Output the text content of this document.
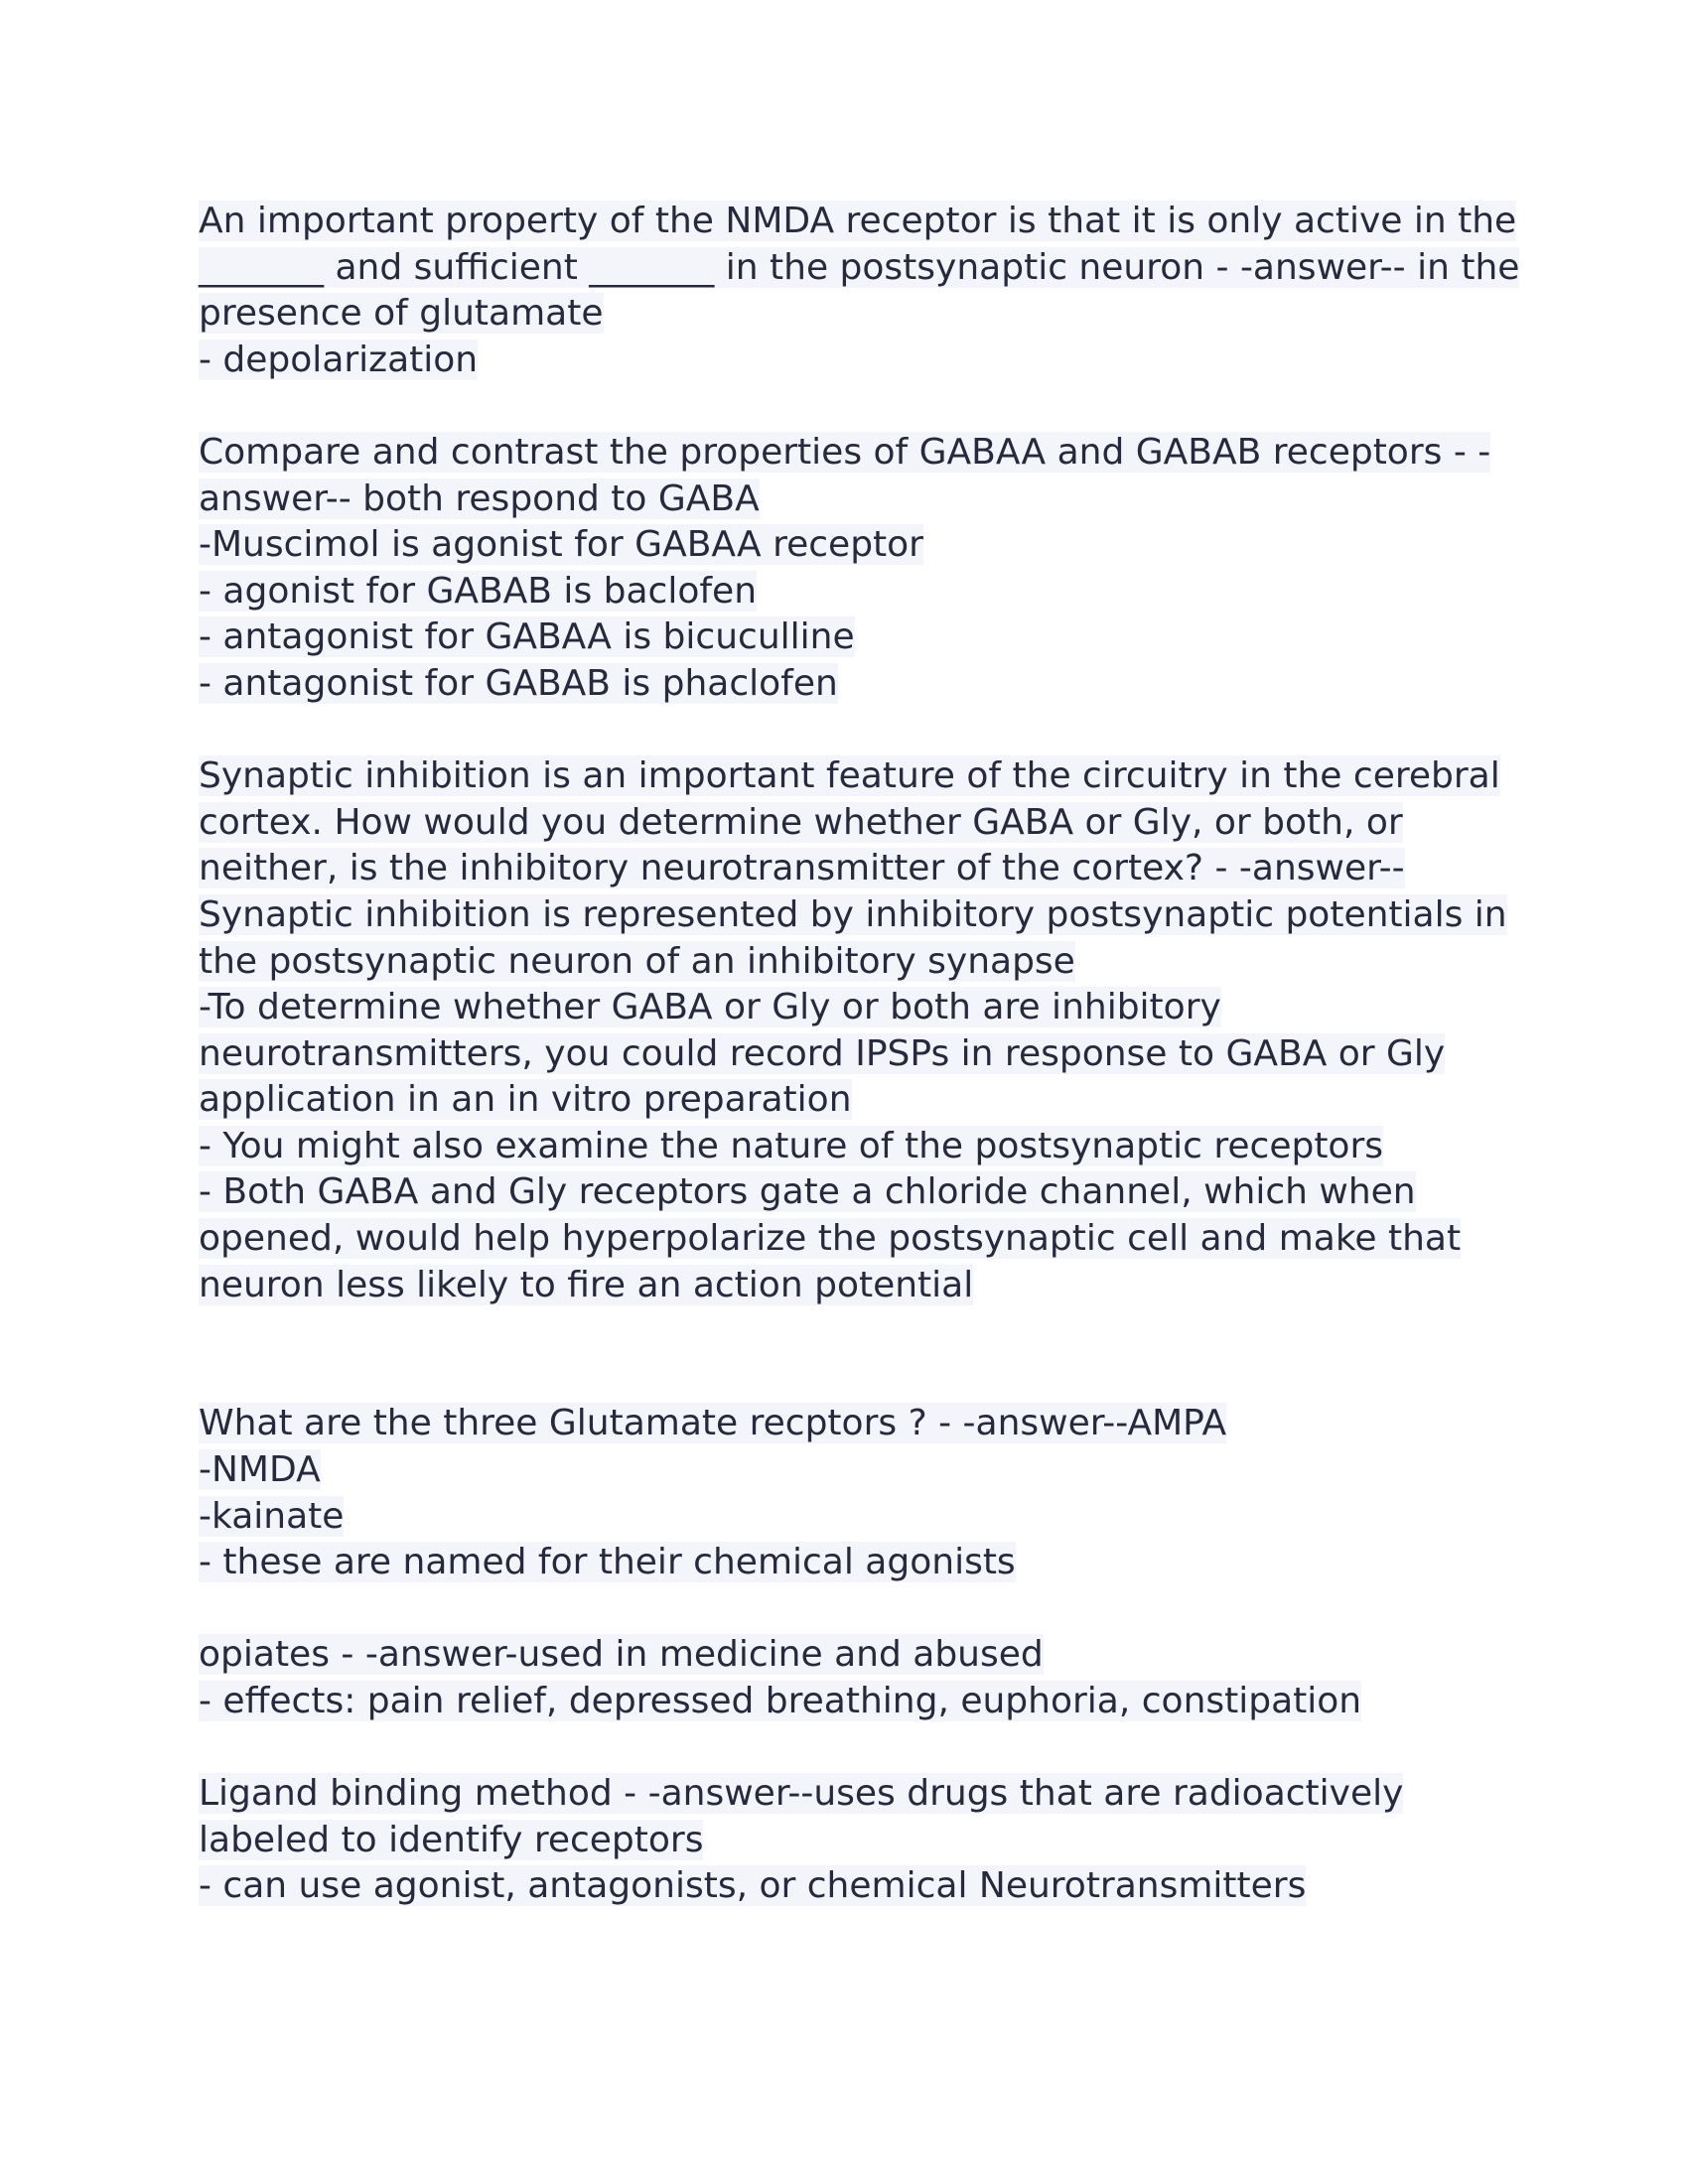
An important property of the NMDA receptor is that it is only active in the
_______ and sufficient _______ in the postsynaptic neuron - -answer-- in the
presence of glutamate
- depolarization
Compare and contrast the properties of GABAA and GABAB receptors - -
answer-- both respond to GABA
-Muscimol is agonist for GABAA receptor
- agonist for GABAB is baclofen
- antagonist for GABAA is bicuculline
- antagonist for GABAB is phaclofen
Synaptic inhibition is an important feature of the circuitry in the cerebral
cortex. How would you determine whether GABA or Gly, or both, or
neither, is the inhibitory neurotransmitter of the cortex? - -answer--
Synaptic inhibition is represented by inhibitory postsynaptic potentials in
the postsynaptic neuron of an inhibitory synapse
-To determine whether GABA or Gly or both are inhibitory
neurotransmitters, you could record IPSPs in response to GABA or Gly
application in an in vitro preparation
- You might also examine the nature of the postsynaptic receptors
- Both GABA and Gly receptors gate a chloride channel, which when
opened, would help hyperpolarize the postsynaptic cell and make that
neuron less likely to fire an action potential
What are the three Glutamate recptors ? - -answer--AMPA
-NMDA
-kainate
- these are named for their chemical agonists
opiates - -answer-used in medicine and abused
- effects: pain relief, depressed breathing, euphoria, constipation
Ligand binding method - -answer--uses drugs that are radioactively
labeled to identify receptors
- can use agonist, antagonists, or chemical Neurotransmitters
